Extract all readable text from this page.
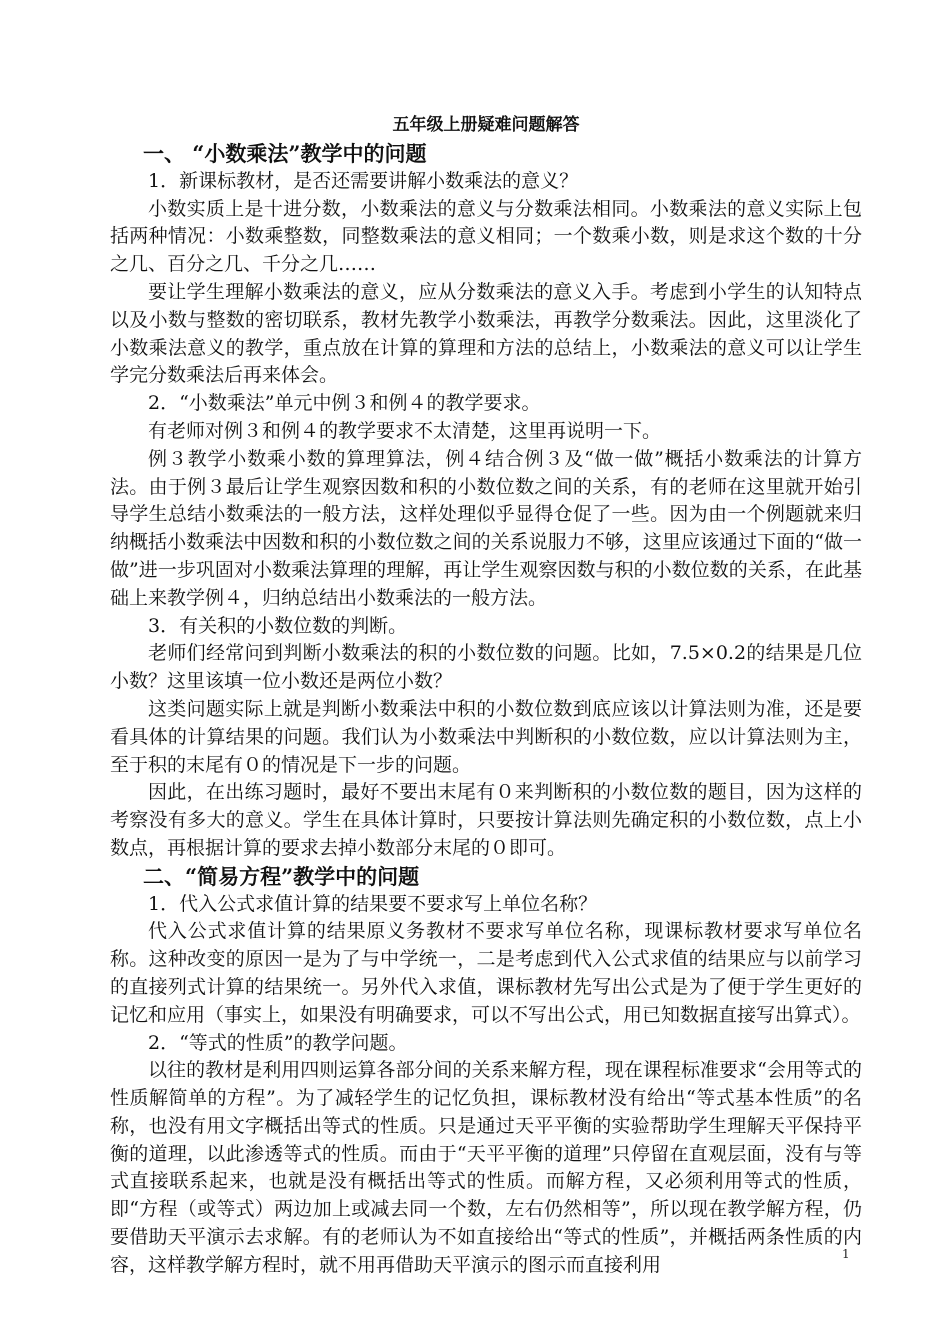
五年级上册疑难问题解答
一、 “小数乘法”教学中的问题

1．新课标教材，是否还需要讲解小数乘法的意义？

小数实质上是十进分数，小数乘法的意义与分数乘法相同。小数乘法的意义实际上包括两种情况：小数乘整数，同整数乘法的意义相同；一个数乘小数，则是求这个数的十分之几、百分之几、千分之几……

要让学生理解小数乘法的意义，应从分数乘法的意义入手。考虑到小学生的认知特点以及小数与整数的密切联系，教材先教学小数乘法，再教学分数乘法。因此，这里淡化了小数乘法意义的教学，重点放在计算的算理和方法的总结上，小数乘法的意义可以让学生学完分数乘法后再来体会。

2．“小数乘法”单元中例３和例４的教学要求。

有老师对例３和例４的教学要求不太清楚，这里再说明一下。

例３教学小数乘小数的算理算法，例４结合例３及“做一做”概括小数乘法的计算方法。由于例３最后让学生观察因数和积的小数位数之间的关系，有的老师在这里就开始引导学生总结小数乘法的一般方法，这样处理似乎显得仓促了一些。因为由一个例题就来归纳概括小数乘法中因数和积的小数位数之间的关系说服力不够，这里应该通过下面的“做一做”进一步巩固对小数乘法算理的理解，再让学生观察因数与积的小数位数的关系，在此基础上来教学例４，归纳总结出小数乘法的一般方法。

3．有关积的小数位数的判断。

老师们经常问到判断小数乘法的积的小数位数的问题。比如，7.5×0.2的结果是几位小数？这里该填一位小数还是两位小数？

这类问题实际上就是判断小数乘法中积的小数位数到底应该以计算法则为准，还是要看具体的计算结果的问题。我们认为小数乘法中判断积的小数位数，应以计算法则为主，至于积的末尾有０的情况是下一步的问题。

因此，在出练习题时，最好不要出末尾有０来判断积的小数位数的题目，因为这样的考察没有多大的意义。学生在具体计算时，只要按计算法则先确定积的小数位数，点上小数点，再根据计算的要求去掉小数部分末尾的０即可。

二、“简易方程”教学中的问题

1．代入公式求值计算的结果要不要求写上单位名称？

代入公式求值计算的结果原义务教材不要求写单位名称，现课标教材要求写单位名称。这种改变的原因一是为了与中学统一，二是考虑到代入公式求值的结果应与以前学习的直接列式计算的结果统一。另外代入求值，课标教材先写出公式是为了便于学生更好的记忆和应用（事实上，如果没有明确要求，可以不写出公式，用已知数据直接写出算式）。

2．“等式的性质”的教学问题。

以往的教材是利用四则运算各部分间的关系来解方程，现在课程标准要求“会用等式的性质解简单的方程”。为了减轻学生的记忆负担，课标教材没有给出“等式基本性质”的名称，也没有用文字概括出等式的性质。只是通过天平平衡的实验帮助学生理解天平保持平衡的道理，以此渗透等式的性质。而由于“天平平衡的道理”只停留在直观层面，没有与等式直接联系起来，也就是没有概括出等式的性质。而解方程，又必须利用等式的性质，即“方程（或等式）两边加上或减去同一个数，左右仍然相等”，所以现在教学解方程，仍要借助天平演示去求解。有的老师认为不如直接给出“等式的性质”，并概括两条性质的内容，这样教学解方程时，就不用再借助天平演示的图示而直接利用	1
